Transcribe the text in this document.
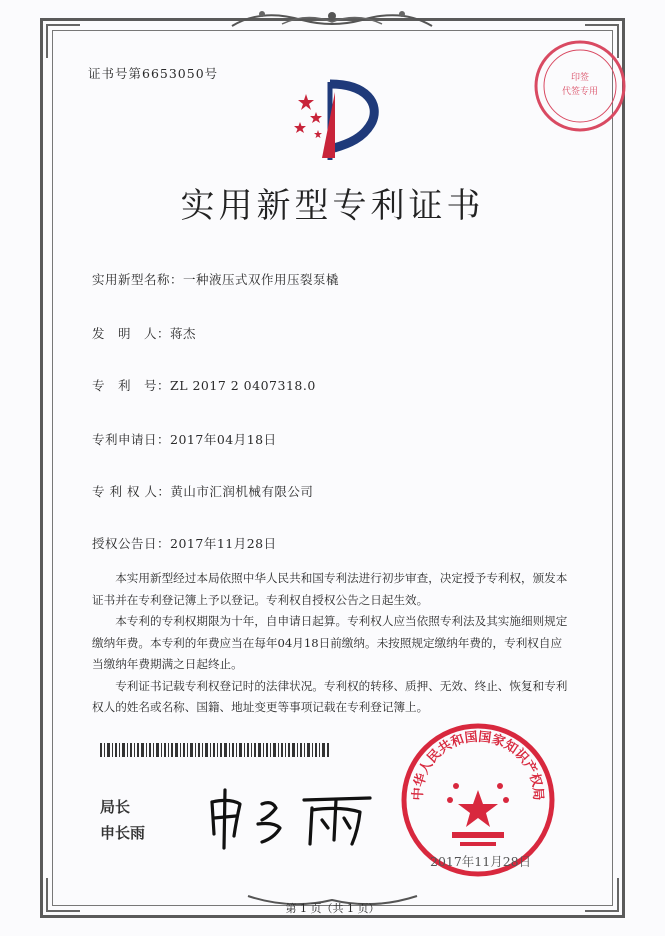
证书号第6653050号	印签
代签专用
实用新型专利证书
实用新型名称：一种液压式双作用压裂泵橇
发　明　人：蒋杰
专　利　号：ZL 2017 2 0407318.0
专利申请日：2017年04月18日
专 利 权 人：黄山市汇润机械有限公司
授权公告日：2017年11月28日

本实用新型经过本局依照中华人民共和国专利法进行初步审查，决定授予专利权，颁发本证书并在专利登记簿上予以登记。专利权自授权公告之日起生效。

本专利的专利权期限为十年，自申请日起算。专利权人应当依照专利法及其实施细则规定缴纳年费。本专利的年费应当在每年04月18日前缴纳。未按照规定缴纳年费的，专利权自应当缴纳年费期满之日起终止。

专利证书记载专利权登记时的法律状况。专利权的转移、质押、无效、终止、恢复和专利权人的姓名或名称、国籍、地址变更等事项记载在专利登记簿上。

局长
申长雨
中华人民共和国国家知识产权局
2017年11月28日
第 1 页（共 1 页）
